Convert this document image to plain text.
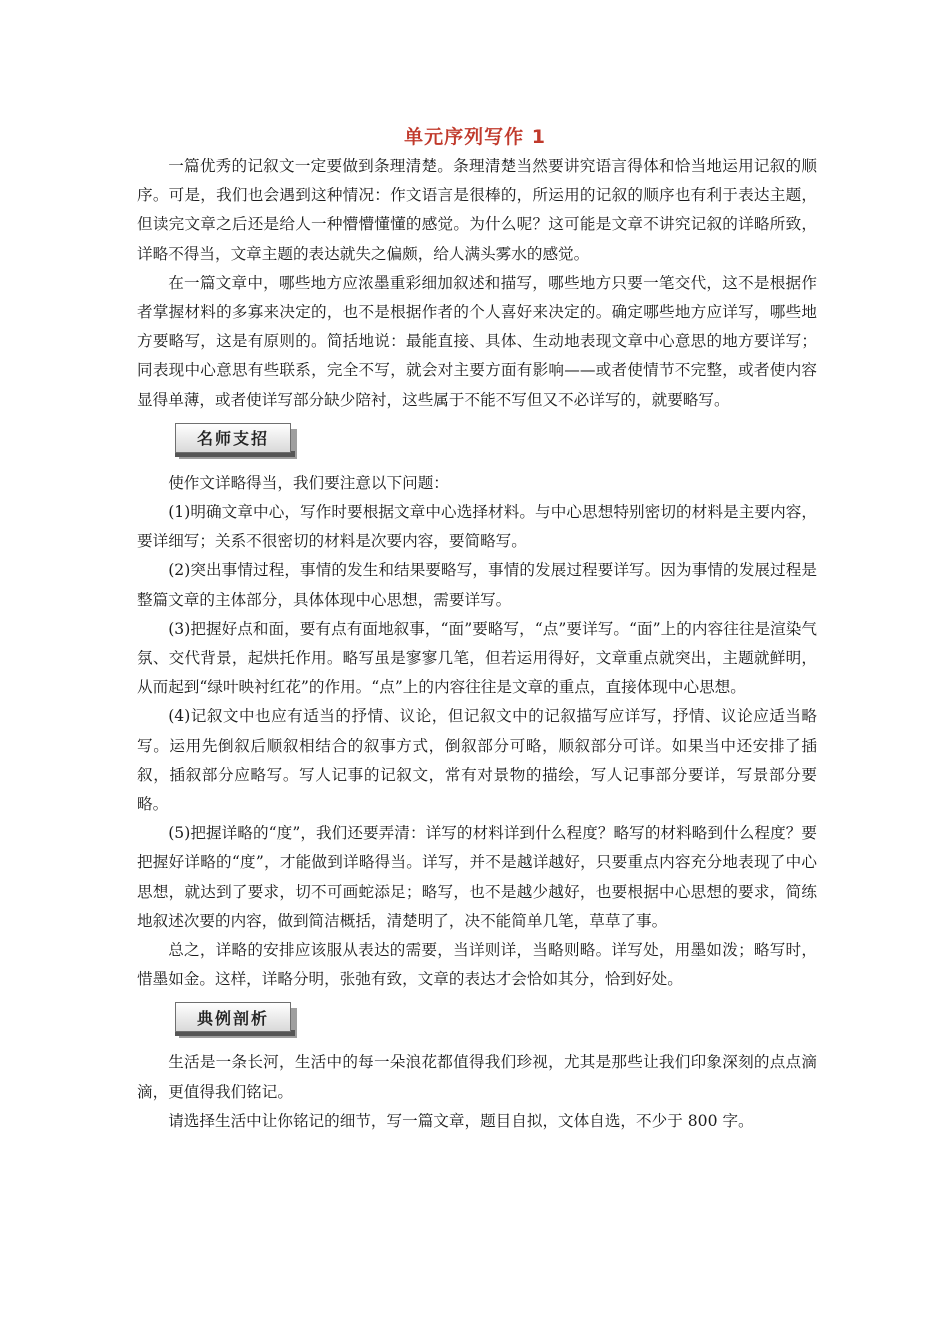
单元序列写作 1

一篇优秀的记叙文一定要做到条理清楚。条理清楚当然要讲究语言得体和恰当地运用记叙的顺序。可是，我们也会遇到这种情况：作文语言是很棒的，所运用的记叙的顺序也有利于表达主题，但读完文章之后还是给人一种懵懵懂懂的感觉。为什么呢？这可能是文章不讲究记叙的详略所致，详略不得当，文章主题的表达就失之偏颇，给人满头雾水的感觉。

在一篇文章中，哪些地方应浓墨重彩细加叙述和描写，哪些地方只要一笔交代，这不是根据作者掌握材料的多寡来决定的，也不是根据作者的个人喜好来决定的。确定哪些地方应详写，哪些地方要略写，这是有原则的。简括地说：最能直接、具体、生动地表现文章中心意思的地方要详写；同表现中心意思有些联系，完全不写，就会对主要方面有影响——或者使情节不完整，或者使内容显得单薄，或者使详写部分缺少陪衬，这些属于不能不写但又不必详写的，就要略写。

名师支招

使作文详略得当，我们要注意以下问题：

(1)明确文章中心，写作时要根据文章中心选择材料。与中心思想特别密切的材料是主要内容，要详细写；关系不很密切的材料是次要内容，要简略写。

(2)突出事情过程，事情的发生和结果要略写，事情的发展过程要详写。因为事情的发展过程是整篇文章的主体部分，具体体现中心思想，需要详写。

(3)把握好点和面，要有点有面地叙事，“面”要略写，“点”要详写。“面”上的内容往往是渲染气氛、交代背景，起烘托作用。略写虽是寥寥几笔，但若运用得好，文章重点就突出，主题就鲜明，从而起到“绿叶映衬红花”的作用。“点”上的内容往往是文章的重点，直接体现中心思想。

(4)记叙文中也应有适当的抒情、议论，但记叙文中的记叙描写应详写，抒情、议论应适当略写。运用先倒叙后顺叙相结合的叙事方式，倒叙部分可略，顺叙部分可详。如果当中还安排了插叙，插叙部分应略写。写人记事的记叙文，常有对景物的描绘，写人记事部分要详，写景部分要略。

(5)把握详略的“度”，我们还要弄清：详写的材料详到什么程度？略写的材料略到什么程度？要把握好详略的“度”，才能做到详略得当。详写，并不是越详越好，只要重点内容充分地表现了中心思想，就达到了要求，切不可画蛇添足；略写，也不是越少越好，也要根据中心思想的要求，简练地叙述次要的内容，做到简洁概括，清楚明了，决不能简单几笔，草草了事。

总之，详略的安排应该服从表达的需要，当详则详，当略则略。详写处，用墨如泼；略写时，惜墨如金。这样，详略分明，张弛有致，文章的表达才会恰如其分，恰到好处。

典例剖析

生活是一条长河，生活中的每一朵浪花都值得我们珍视，尤其是那些让我们印象深刻的点点滴滴，更值得我们铭记。

请选择生活中让你铭记的细节，写一篇文章，题目自拟，文体自选，不少于 800 字。
